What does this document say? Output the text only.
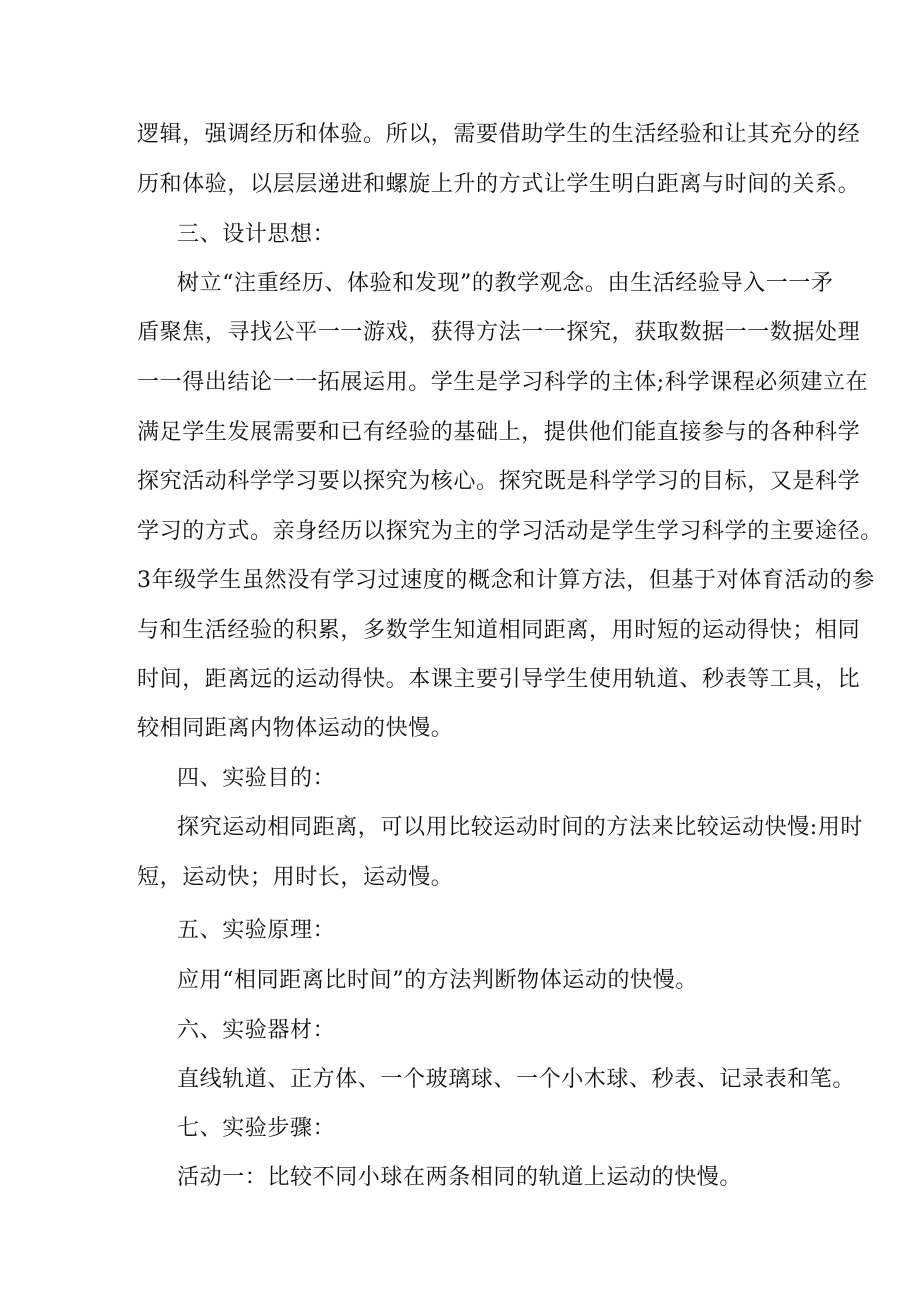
逻辑，强调经历和体验。所以，需要借助学生的生活经验和让其充分的经
历和体验，以层层递进和螺旋上升的方式让学生明白距离与时间的关系。
三、设计思想：
树立“注重经历、体验和发现”的教学观念。由生活经验导入一一矛
盾聚焦，寻找公平一一游戏，获得方法一一探究，获取数据一一数据处理
一一得出结论一一拓展运用。学生是学习科学的主体;科学课程必须建立在
满足学生发展需要和已有经验的基础上，提供他们能直接参与的各种科学
探究活动科学学习要以探究为核心。探究既是科学学习的目标，又是科学
学习的方式。亲身经历以探究为主的学习活动是学生学习科学的主要途径。
3年级学生虽然没有学习过速度的概念和计算方法，但基于对体育活动的参
与和生活经验的积累，多数学生知道相同距离，用时短的运动得快；相同
时间，距离远的运动得快。本课主要引导学生使用轨道、秒表等工具，比
较相同距离内物体运动的快慢。
四、实验目的：
探究运动相同距离，可以用比较运动时间的方法来比较运动快慢:用时
短，运动快；用时长，运动慢。
五、实验原理：
应用“相同距离比时间”的方法判断物体运动的快慢。
六、实验器材：
直线轨道、正方体、一个玻璃球、一个小木球、秒表、记录表和笔。
七、实验步骤：
活动一：比较不同小球在两条相同的轨道上运动的快慢。
